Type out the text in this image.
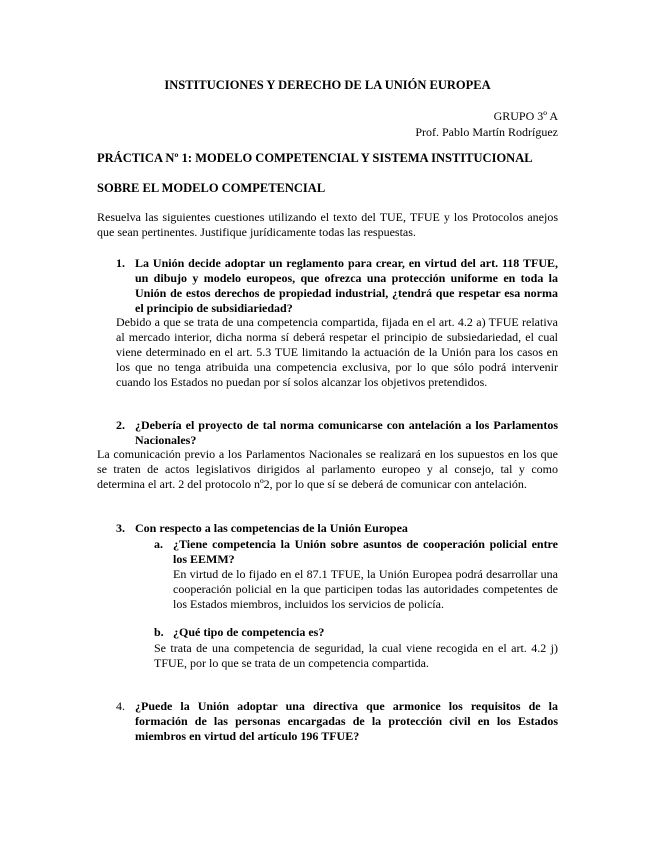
INSTITUCIONES Y DERECHO DE LA UNIÓN EUROPEA
GRUPO 3º A
Prof. Pablo Martín Rodríguez
PRÁCTICA Nº 1: MODELO COMPETENCIAL Y SISTEMA INSTITUCIONAL
SOBRE EL MODELO COMPETENCIAL
Resuelva las siguientes cuestiones utilizando el texto del TUE, TFUE y los Protocolos anejos que sean pertinentes. Justifique jurídicamente todas las respuestas.
1. La Unión decide adoptar un reglamento para crear, en virtud del art. 118 TFUE, un dibujo y modelo europeos, que ofrezca una protección uniforme en toda la Unión de estos derechos de propiedad industrial, ¿tendrá que respetar esa norma el principio de subsidiariedad?
Debido a que se trata de una competencia compartida, fijada en el art. 4.2 a) TFUE relativa al mercado interior, dicha norma sí deberá respetar el principio de subsiedariedad, el cual viene determinado en el art. 5.3 TUE limitando la actuación de la Unión para los casos en los que no tenga atribuida una competencia exclusiva, por lo que sólo podrá intervenir cuando los Estados no puedan por sí solos alcanzar los objetivos pretendidos.
2. ¿Debería el proyecto de tal norma comunicarse con antelación a los Parlamentos Nacionales?
La comunicación previo a los Parlamentos Nacionales se realizará en los supuestos en los que se traten de actos legislativos dirigidos al parlamento europeo y al consejo, tal y como determina el art. 2 del protocolo nº2, por lo que sí se deberá de comunicar con antelación.
3. Con respecto a las competencias de la Unión Europea
a. ¿Tiene competencia la Unión sobre asuntos de cooperación policial entre los EEMM?
En virtud de lo fijado en el 87.1 TFUE, la Unión Europea podrá desarrollar una cooperación policial en la que participen todas las autoridades competentes de los Estados miembros, incluidos los servicios de policía.
b. ¿Qué tipo de competencia es?
Se trata de una competencia de seguridad, la cual viene recogida en el art. 4.2 j) TFUE, por lo que se trata de un competencia compartida.
4. ¿Puede la Unión adoptar una directiva que armonice los requisitos de la formación de las personas encargadas de la protección civil en los Estados miembros en virtud del artículo 196 TFUE?
